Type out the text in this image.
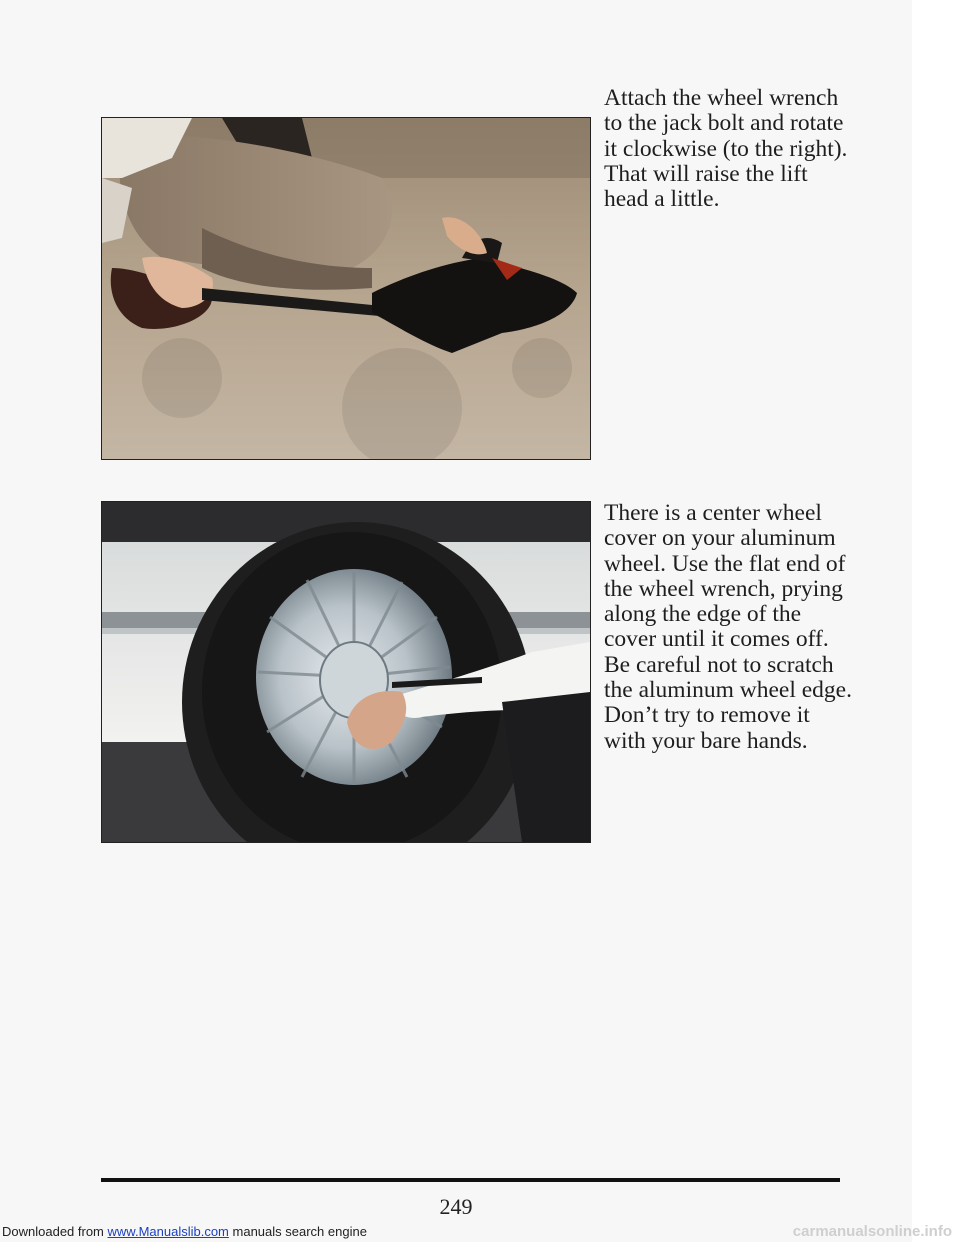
Attach the wheel wrench to the jack bolt and rotate it clockwise (to the right). That will raise the lift head a little.

There is a center wheel cover on your aluminum wheel. Use the flat end of the wheel wrench, prying along the edge of the cover until it comes off. Be careful not to scratch the aluminum wheel edge. Don’t try to remove it with your bare hands.

249
Downloaded from www.Manualslib.com manuals search engine	carmanualsonline.info
